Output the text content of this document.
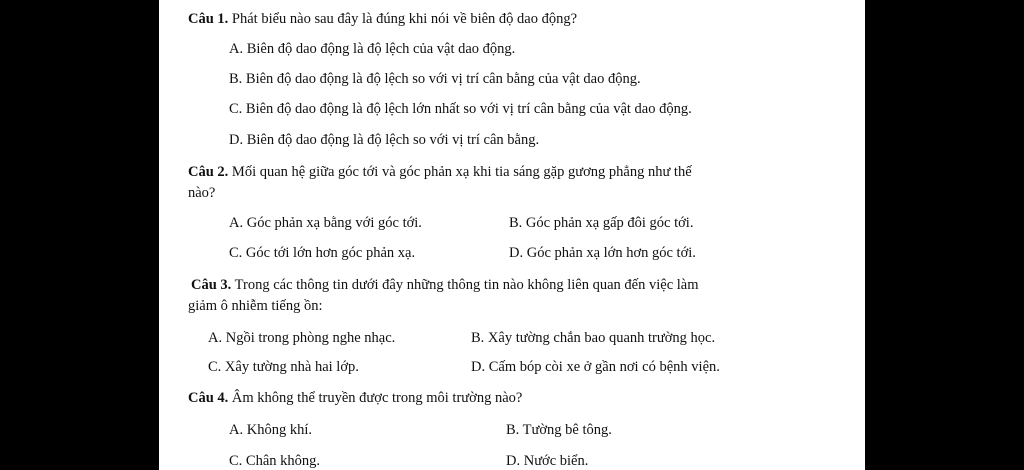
Câu 1. Phát biểu nào sau đây là đúng khi nói về biên độ dao động?
A. Biên độ dao động là độ lệch của vật dao động.
B. Biên độ dao động là độ lệch so với vị trí cân bằng của vật dao động.
C. Biên độ dao động là độ lệch lớn nhất so với vị trí cân bằng của vật dao động.
D. Biên độ dao động là độ lệch so với vị trí cân bằng.
Câu 2. Mối quan hệ giữa góc tới và góc phản xạ khi tia sáng gặp gương phẳng như thế
nào?
A. Góc phản xạ bằng với góc tới.	B. Góc phản xạ gấp đôi góc tới.
C. Góc tới lớn hơn góc phản xạ.	D. Góc phản xạ lớn hơn góc tới.
Câu 3. Trong các thông tin dưới đây những thông tin nào không liên quan đến việc làm
giảm ô nhiễm tiếng ồn:
A. Ngồi trong phòng nghe nhạc.	B. Xây tường chắn bao quanh trường học.
C. Xây tường nhà hai lớp.	D. Cấm bóp còi xe ở gần nơi có bệnh viện.
Câu 4. Âm không thể truyền được trong môi trường nào?
A. Không khí.	B. Tường bê tông.
C. Chân không.	D. Nước biển.
